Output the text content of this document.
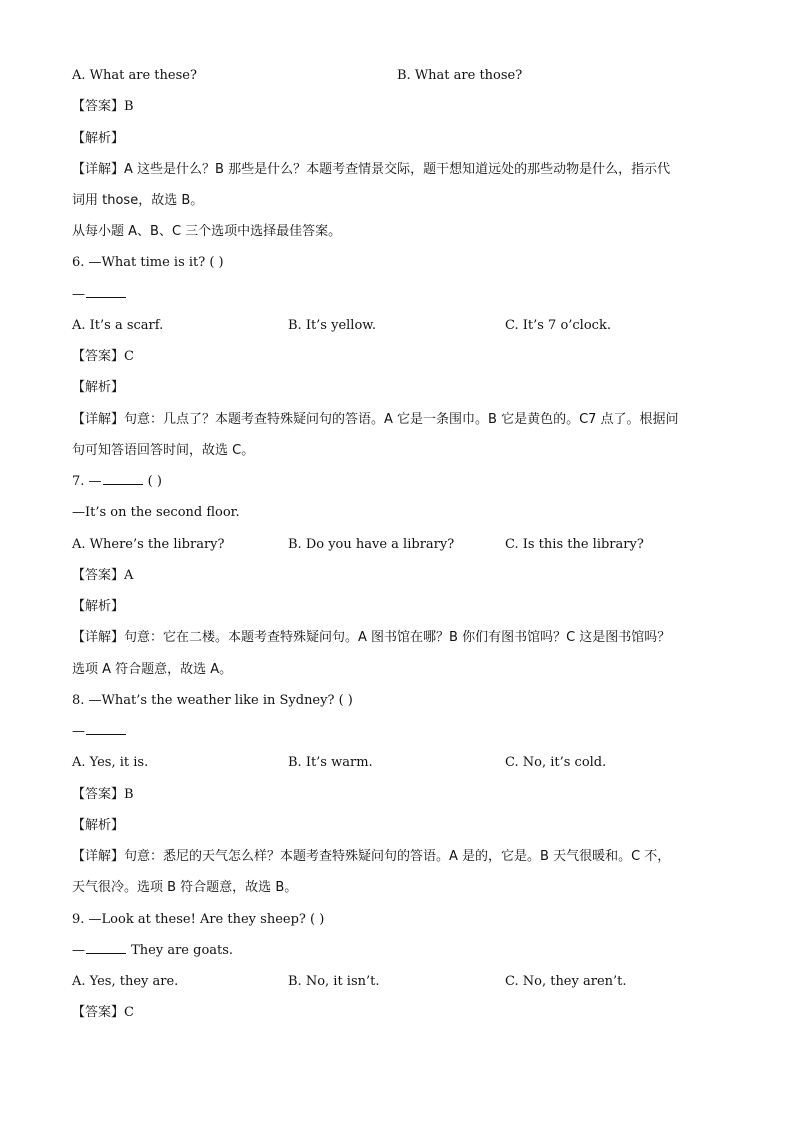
A. What are these?	B. What are those?
【答案】B
【解析】
【详解】A 这些是什么？B 那些是什么？本题考查情景交际，题干想知道远处的那些动物是什么，指示代
词用 those，故选 B。
从每小题 A、B、C 三个选项中选择最佳答案。
6. —What time is it? ( )
—
A. It’s a scarf.	B. It’s yellow.	C. It’s 7 o’clock.
【答案】C
【解析】
【详解】句意：几点了？本题考查特殊疑问句的答语。A 它是一条围巾。B 它是黄色的。C7 点了。根据问
句可知答语回答时间，故选 C。
7. —	( )
—It’s on the second floor.
A. Where’s the library?	B. Do you have a library?	C. Is this the library?
【答案】A
【解析】
【详解】句意：它在二楼。本题考查特殊疑问句。A 图书馆在哪？B 你们有图书馆吗？C 这是图书馆吗？
选项 A 符合题意，故选 A。
8. —What’s the weather like in Sydney? ( )
—
A. Yes, it is.	B. It’s warm.	C. No, it’s cold.
【答案】B
【解析】
【详解】句意：悉尼的天气怎么样？本题考查特殊疑问句的答语。A 是的，它是。B 天气很暖和。C 不，
天气很冷。选项 B 符合题意，故选 B。
9. —Look at these! Are they sheep? ( )
—	They are goats.
A. Yes, they are.	B. No, it isn’t.	C. No, they aren’t.
【答案】C
